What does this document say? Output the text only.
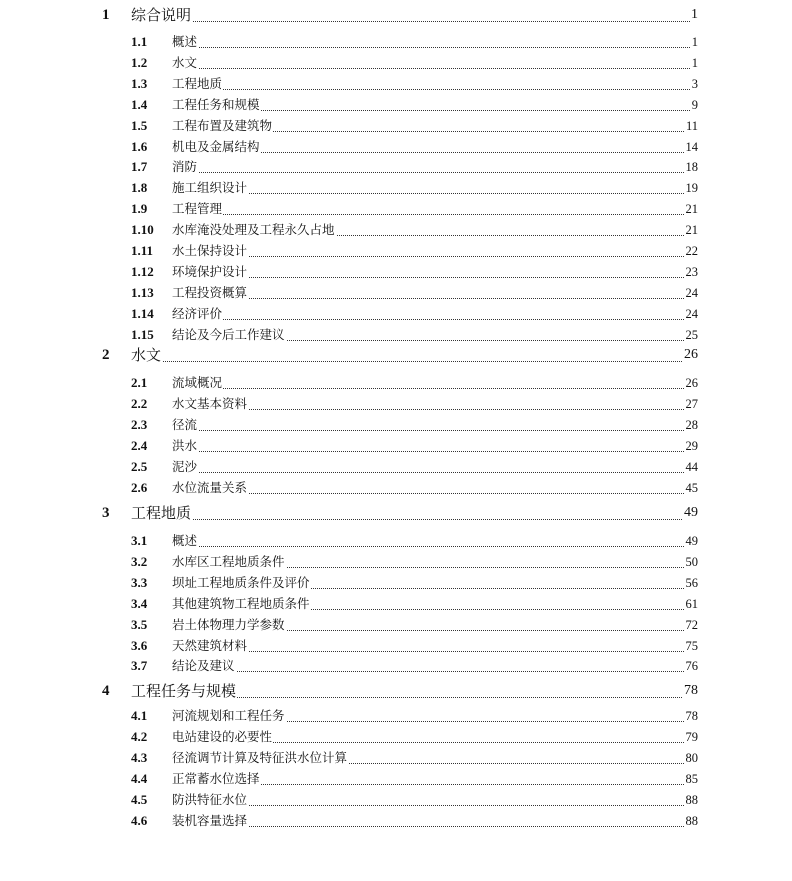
1 综合说明	1
1.1 概述	1
1.2 水文	1
1.3 工程地质	3
1.4 工程任务和规模	9
1.5 工程布置及建筑物	11
1.6 机电及金属结构	14
1.7 消防	18
1.8 施工组织设计	19
1.9 工程管理	21
1.10 水库淹没处理及工程永久占地	21
1.11 水土保持设计	22
1.12 环境保护设计	23
1.13 工程投资概算	24
1.14 经济评价	24
1.15 结论及今后工作建议	25
2 水文	26
2.1 流域概况	26
2.2 水文基本资料	27
2.3 径流	28
2.4 洪水	29
2.5 泥沙	44
2.6 水位流量关系	45
3 工程地质	49
3.1 概述	49
3.2 水库区工程地质条件	50
3.3 坝址工程地质条件及评价	56
3.4 其他建筑物工程地质条件	61
3.5 岩土体物理力学参数	72
3.6 天然建筑材料	75
3.7 结论及建议	76
4 工程任务与规模	78
4.1 河流规划和工程任务	78
4.2 电站建设的必要性	79
4.3 径流调节计算及特征洪水位计算	80
4.4 正常蓄水位选择	85
4.5 防洪特征水位	88
4.6 装机容量选择	88
